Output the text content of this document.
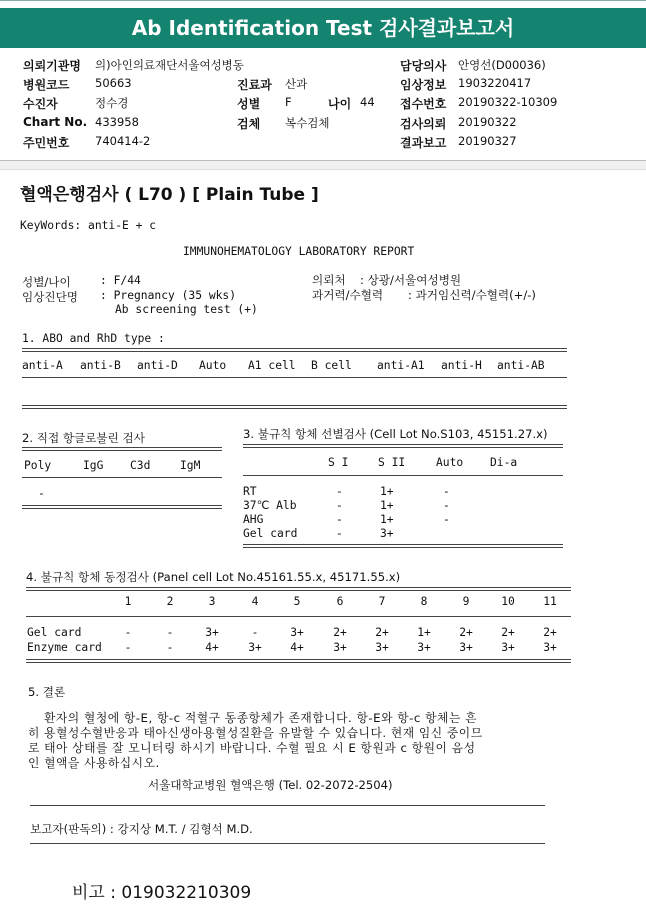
Ab Identification Test 검사결과보고서
의뢰기관명 의)아인의료재단서울여성병동	담당의사 안영선(D00036)
병원코드 50663	진료과 산과	임상정보 1903220417
수진자	정수경	성별 F	나이 44 접수번호 20190322-10309
Chart No. 433958	검체 복수검체	검사의뢰 20190322
주민번호 740414-2	결과보고 20190327
혈액은행검사 ( L70 ) [ Plain Tube ]
KeyWords: anti-E + c
IMMUNOHEMATOLOGY LABORATORY REPORT
성별/나이	: F/44
임상진단명 : Pregnancy (35 wks)
Ab screening test (+)
의뢰처 : 상광/서울여성병원
과거력/수혈력 : 과거임신력/수혈력(+/-)
1. ABO and RhD type :
anti-A anti-B anti-D Auto A1 cell B cell anti-A1 anti-H anti-AB
2. 직접 항글로불린 검사
Poly	IgG C3d	IgM
-
3. 불규칙 항체 선별검사 (Cell Lot No.S103, 45151.27.x)
S I	S II	Auto Di-a
RT	-	1+	-
37℃ Alb	-	1+	-
AHG	-	1+	-
Gel card	-	3+
4. 불규칙 항체 동정검사 (Panel cell Lot No.45161.55.x, 45171.55.x)
1	2	3	4	5	6	7	8	9	10	11
Gel card	-	-	3+	-	3+	2+	2+	1+	2+	2+	2+
Enzyme card	-	-	4+	3+	4+	3+	3+	3+	3+	3+	3+
5. 결론
환자의 혈청에 항-E, 항-c 적혈구 동종항체가 존재합니다. 항-E와 항-c 항체는 흔
히 용혈성수혈반응과 태아신생아용혈성질환을 유발할 수 있습니다. 현재 임신 중이므
로 태아 상태를 잘 모니터링 하시기 바랍니다. 수혈 필요 시 E 항원과 c 항원이 음성
인 혈액을 사용하십시오.
서울대학교병원 혈액은행 (Tel. 02-2072-2504)
보고자(판독의) : 강지상 M.T. / 김형석 M.D.
비고 : 019032210309
